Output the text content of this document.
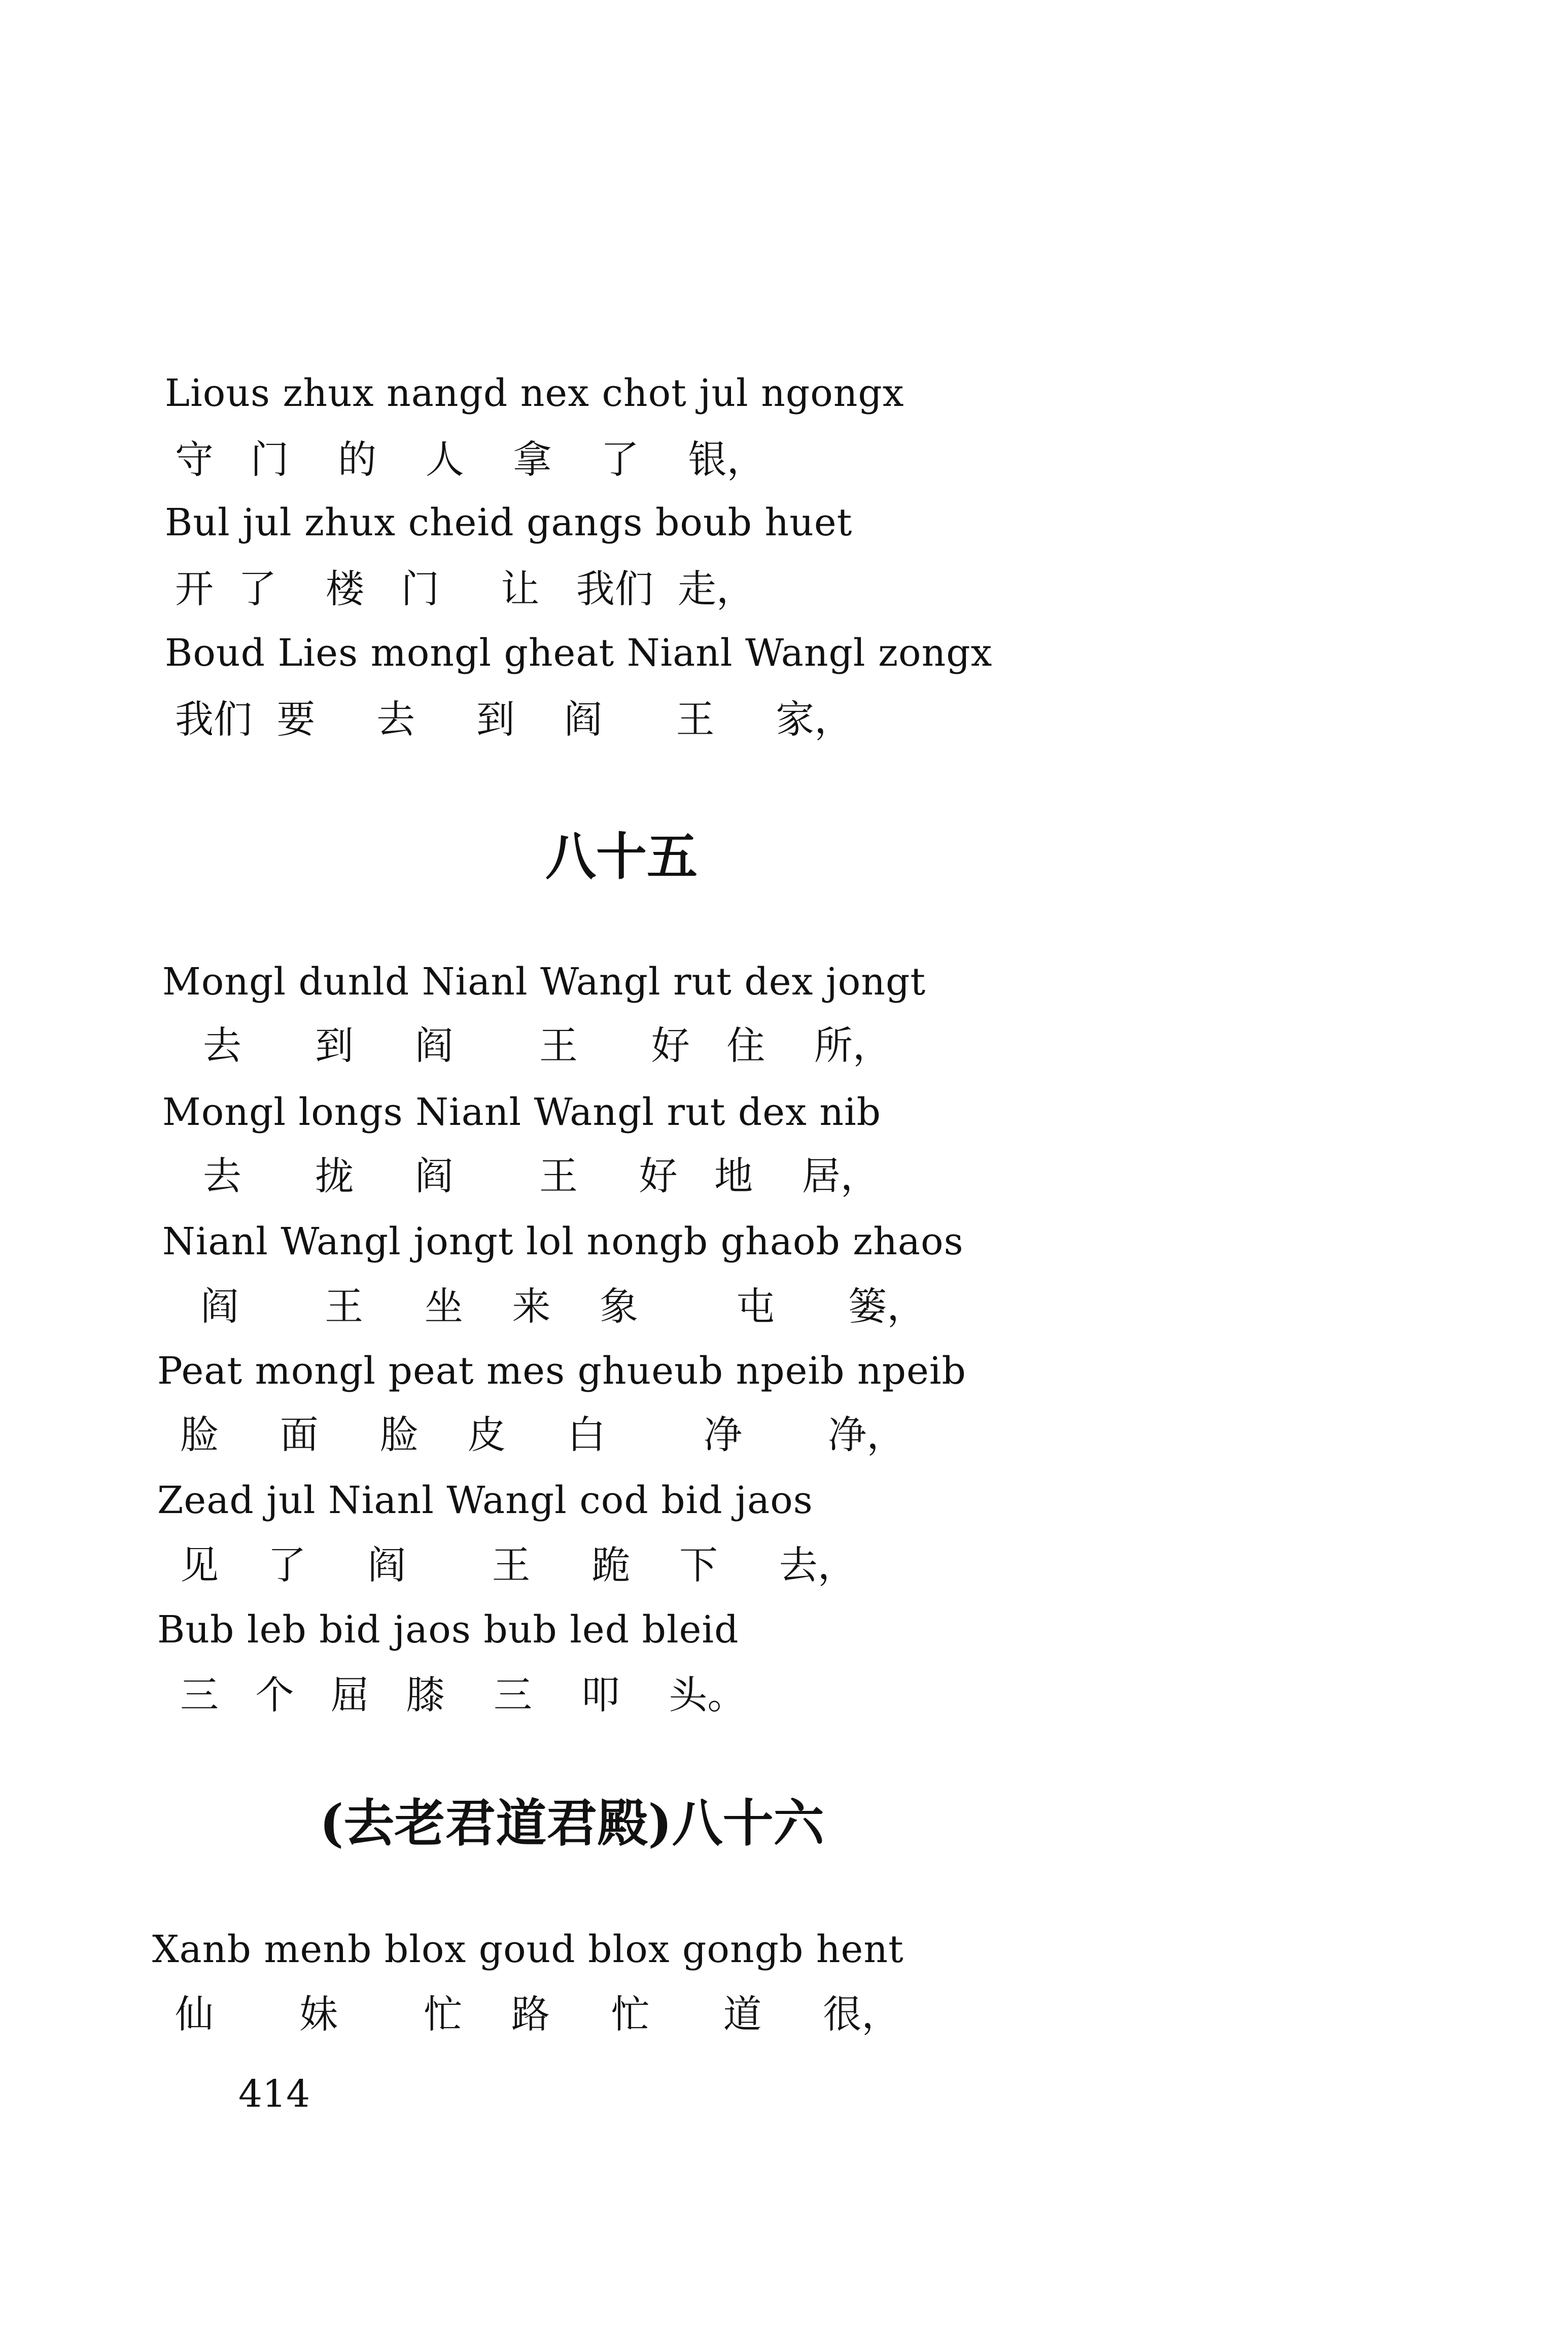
Lious zhux nangd nex chot jul ngongx
守   门    的    人    拿    了    银，
Bul jul zhux cheid gangs boub huet
开  了    楼   门     让   我们  走，
Boud Lies mongl gheat Nianl Wangl zongx
我们  要     去     到    阎      王     家，
八十五
Mongl dunld Nianl Wangl rut dex jongt
去      到     阎       王      好   住    所，
Mongl longs Nianl Wangl rut dex nib
去      拢     阎       王     好   地    居，
Nianl Wangl jongt lol nongb ghaob zhaos
阎       王     坐    来    象        屯      篓，
Peat mongl peat mes ghueub npeib npeib
脸     面     脸    皮     白        净       净，
Zead jul Nianl Wangl cod bid jaos
见    了     阎       王     跪    下     去，
Bub leb bid jaos bub led bleid
三   个   屈   膝    三    叩    头。
(去老君道君殿)八十六
Xanb menb blox goud blox gongb hent
仙       妹       忙    路     忙      道     很，
414
